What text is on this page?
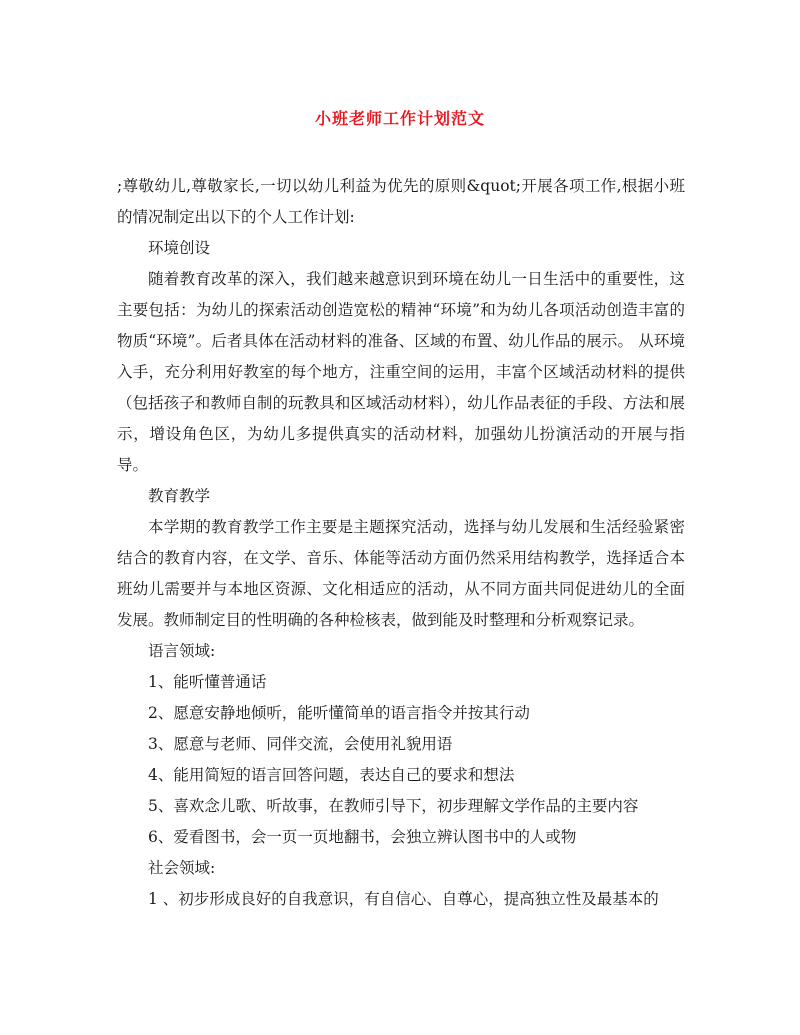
小班老师工作计划范文

;尊敬幼儿,尊敬家长,一切以幼儿利益为优先的原则&quot;开展各项工作,根据小班的情况制定出以下的个人工作计划:

环境创设

随着教育改革的深入，我们越来越意识到环境在幼儿一日生活中的重要性，这主要包括：为幼儿的探索活动创造宽松的精神“环境”和为幼儿各项活动创造丰富的物质“环境”。后者具体在活动材料的准备、区域的布置、幼儿作品的展示。 从环境入手，充分利用好教室的每个地方，注重空间的运用，丰富个区域活动材料的提供（包括孩子和教师自制的玩教具和区域活动材料），幼儿作品表征的手段、方法和展示，增设角色区，为幼儿多提供真实的活动材料，加强幼儿扮演活动的开展与指导。

教育教学

本学期的教育教学工作主要是主题探究活动，选择与幼儿发展和生活经验紧密结合的教育内容，在文学、音乐、体能等活动方面仍然采用结构教学，选择适合本班幼儿需要并与本地区资源、文化相适应的活动，从不同方面共同促进幼儿的全面发展。教师制定目的性明确的各种检核表，做到能及时整理和分析观察记录。

语言领域:

1、能听懂普通话

2、愿意安静地倾听，能听懂简单的语言指令并按其行动

3、愿意与老师、同伴交流，会使用礼貌用语

4、能用简短的语言回答问题，表达自己的要求和想法

5、喜欢念儿歌、听故事，在教师引导下，初步理解文学作品的主要内容

6、爱看图书，会一页一页地翻书，会独立辨认图书中的人或物

社会领域:

1 、初步形成良好的自我意识，有自信心、自尊心，提高独立性及最基本的
